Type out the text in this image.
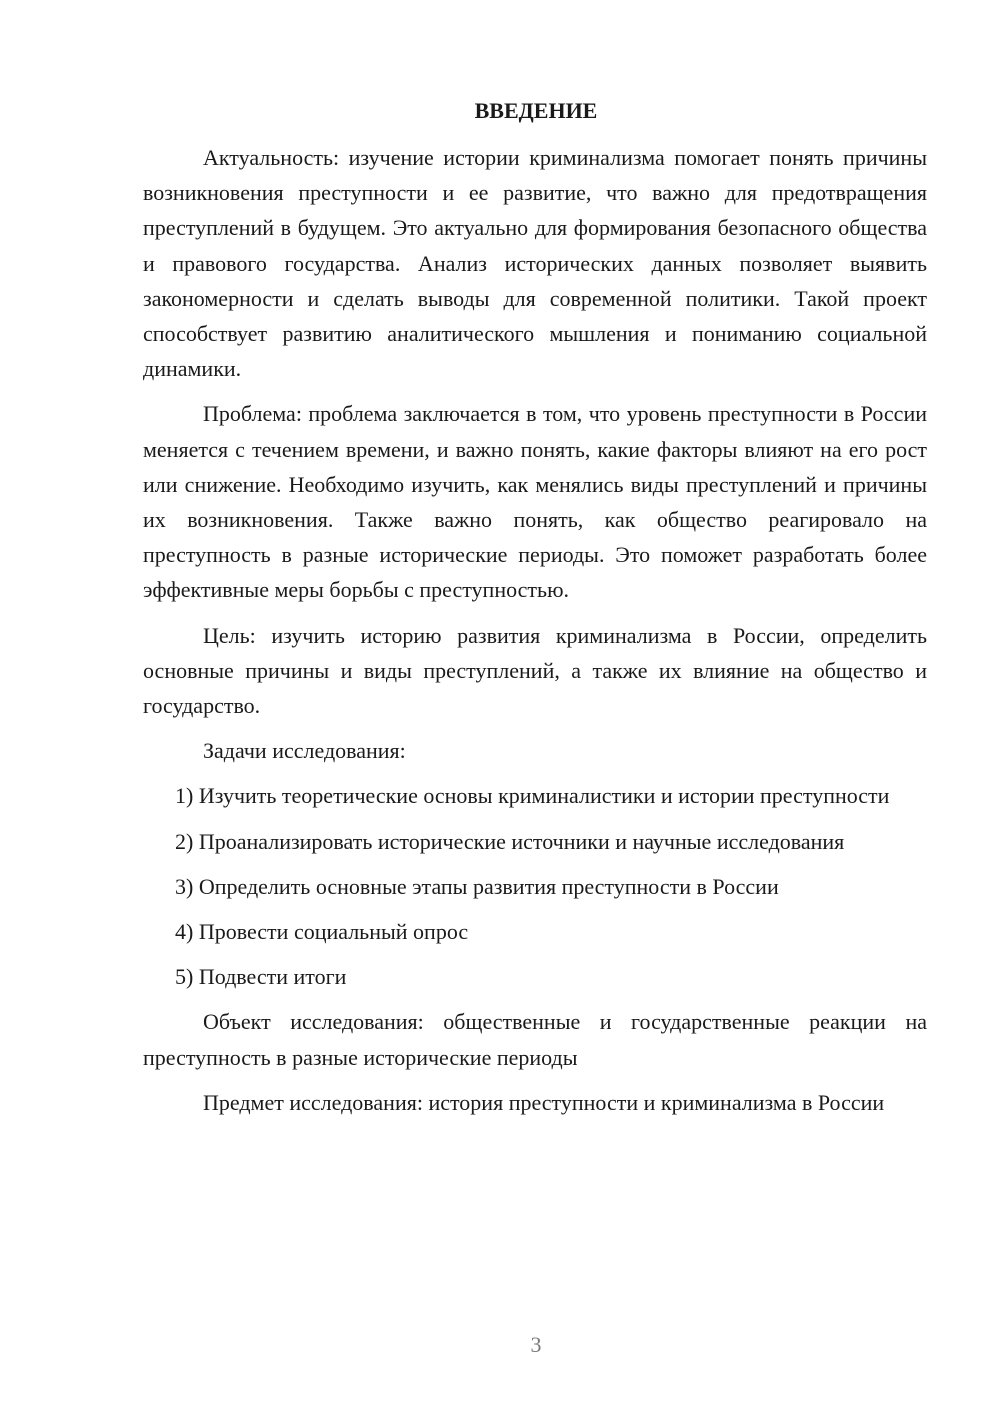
ВВЕДЕНИЕ

Актуальность: изучение истории криминализма помогает понять причины возникновения преступности и ее развитие, что важно для предотвращения преступлений в будущем. Это актуально для формирования безопасного общества и правового государства. Анализ исторических данных позволяет выявить закономерности и сделать выводы для современной политики. Такой проект способствует развитию аналитического мышления и пониманию социальной динамики.

Проблема: проблема заключается в том, что уровень преступности в России меняется с течением времени, и важно понять, какие факторы влияют на его рост или снижение. Необходимо изучить, как менялись виды преступлений и причины их возникновения. Также важно понять, как общество реагировало на преступность в разные исторические периоды. Это поможет разработать более эффективные меры борьбы с преступностью.

Цель: изучить историю развития криминализма в России, определить основные причины и виды преступлений, а также их влияние на общество и государство.

Задачи исследования:

1) Изучить теоретические основы криминалистики и истории преступности

2) Проанализировать исторические источники и научные исследования

3) Определить основные этапы развития преступности в России

4) Провести социальный опрос

5) Подвести итоги

Объект исследования: общественные и государственные реакции на преступность в разные исторические периоды

Предмет исследования: история преступности и криминализма в России

3
